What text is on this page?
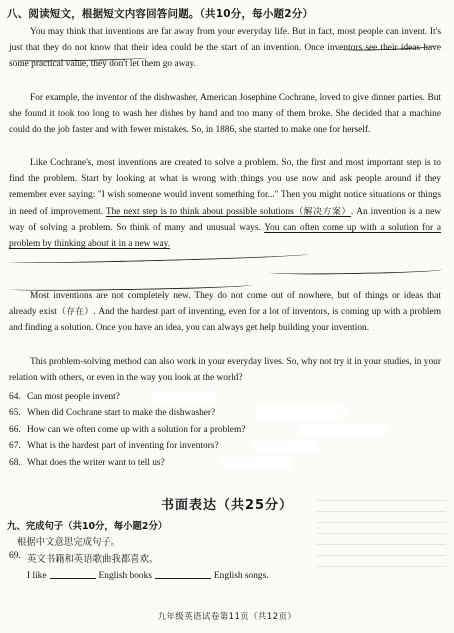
八、阅读短文，根据短文内容回答问题。（共10分，每小题2分）

You may think that inventions are far away from your everyday life. But in fact, most people can invent. It's just that they do not know that their idea could be the start of an invention. Once inventors see their ideas have some practical value, they don't let them go away.

For example, the inventor of the dishwasher, American Josephine Cochrane, loved to give dinner parties. But she found it took too long to wash her dishes by hand and too many of them broke. She decided that a machine could do the job faster and with fewer mistakes. So, in 1886, she started to make one for herself.

Like Cochrane's, most inventions are created to solve a problem. So, the first and most important step is to find the problem. Start by looking at what is wrong with things you use now and ask people around if they remember ever saying: "I wish someone would invent something for..." Then you might notice situations or things in need of improvement. The next step is to think about possible solutions（解决方案）. An invention is a new way of solving a problem. So think of many and unusual ways. You can often come up with a solution for a problem by thinking about it in a new way.

Most inventions are not completely new. They do not come out of nowhere, but of things or ideas that already exist（存在）. And the hardest part of inventing, even for a lot of inventors, is coming up with a problem and finding a solution. Once you have an idea, you can always get help building your invention.

This problem-solving method can also work in your everyday lives. So, why not try it in your studies, in your relation with others, or even in the way you look at the world?

64. Can most people invent?
65. When did Cochrane start to make the dishwasher?
66. How can we often come up with a solution for a problem?
67. What is the hardest part of inventing for inventors?
68. What does the writer want to tell us?
书面表达（共25分）
九、完成句子（共10分，每小题2分）
根据中文意思完成句子。
69. 英文书籍和英语歌曲我都喜欢。
I like	English books	English songs.
九年级英语试卷第11页（共12页）
